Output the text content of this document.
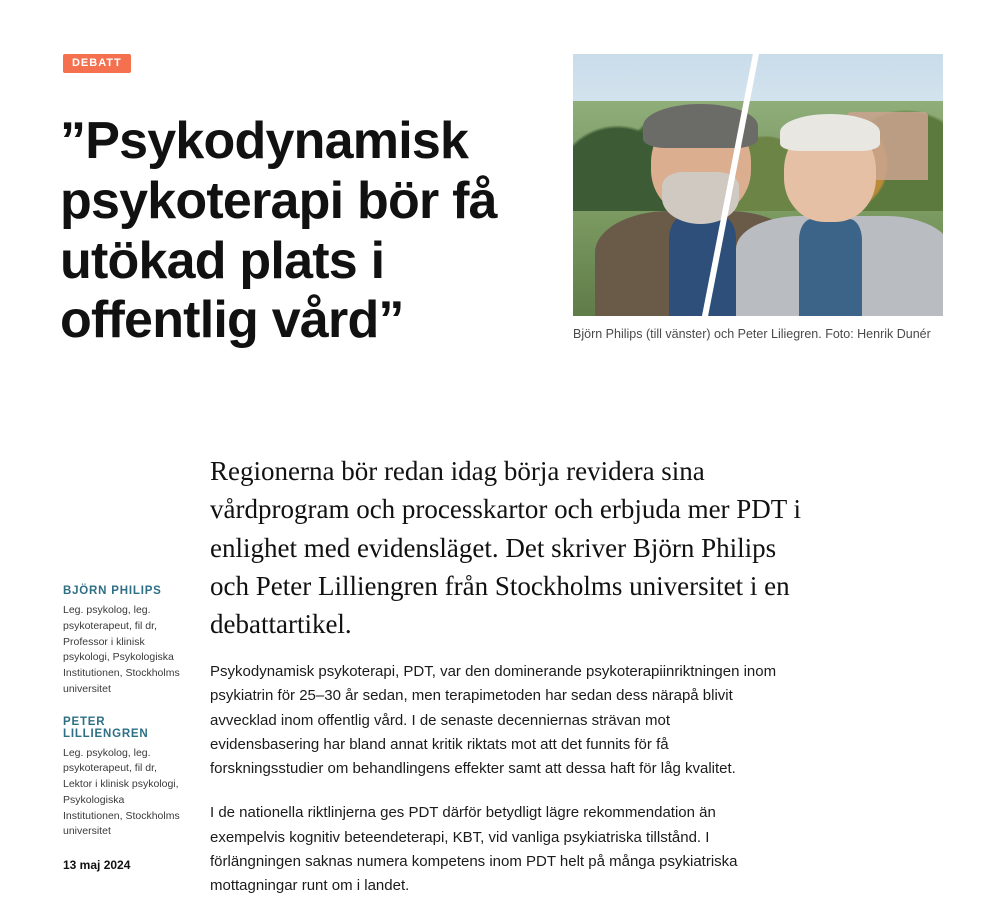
DEBATT
”Psykodynamisk psykoterapi bör få utökad plats i offentlig vård”	Björn Philips (till vänster) och Peter Liliegren. Foto: Henrik Dunér
BJÖRN PHILIPS
Leg. psykolog, leg. psykoterapeut, fil dr, Professor i klinisk psykologi, Psykologiska Institutionen, Stockholms universitet
PETER LILLIENGREN
Leg. psykolog, leg. psykoterapeut, fil dr, Lektor i klinisk psykologi, Psykologiska Institutionen, Stockholms universitet
13 maj 2024

Regionerna bör redan idag börja revidera sina vårdprogram och processkartor och erbjuda mer PDT i enlighet med evidensläget. Det skriver Björn Philips och Peter Lilliengren från Stockholms universitet i en debattartikel.

Psykodynamisk psykoterapi, PDT, var den dominerande psykoterapiinriktningen inom psykiatrin för 25–30 år sedan, men terapimetoden har sedan dess närapå blivit avvecklad inom offentlig vård. I de senaste decenniernas strävan mot evidensbasering har bland annat kritik riktats mot att det funnits för få forskningsstudier om behandlingens effekter samt att dessa haft för låg kvalitet.

I de nationella riktlinjerna ges PDT därför betydligt lägre rekommendation än exempelvis kognitiv beteendeterapi, KBT, vid vanliga psykiatriska tillstånd. I förlängningen saknas numera kompetens inom PDT helt på många psykiatriska mottagningar runt om i landet.
